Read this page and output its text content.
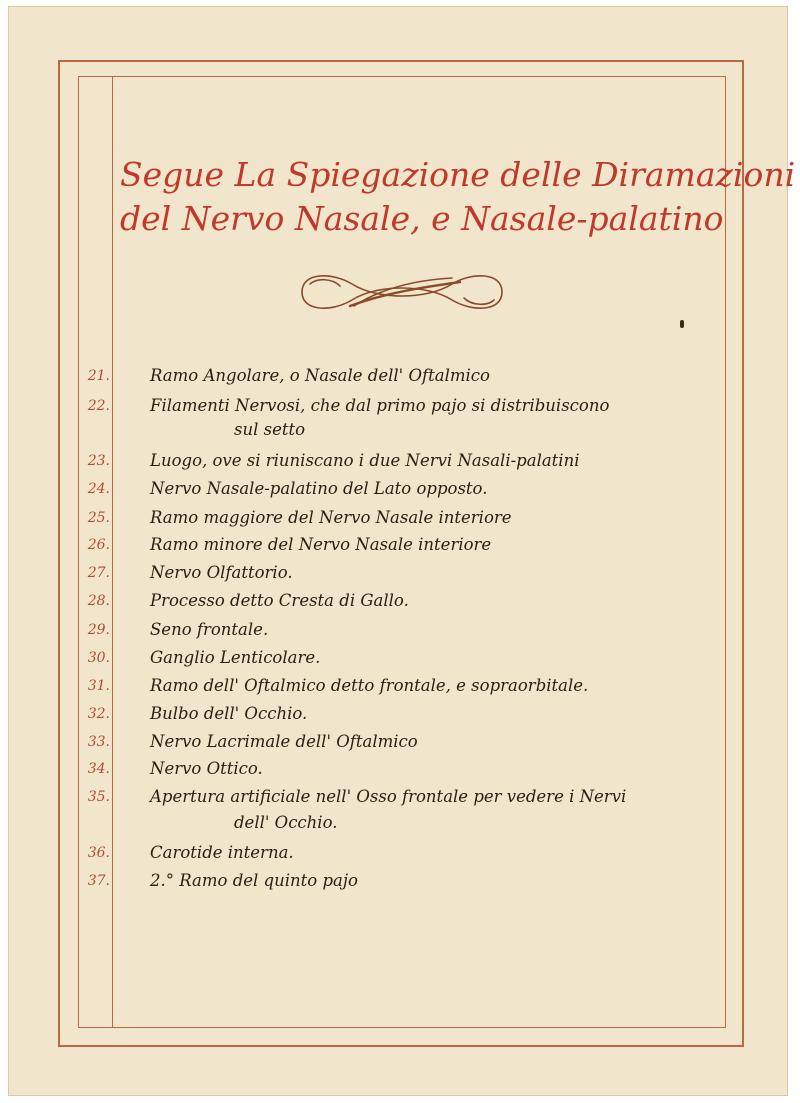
Segue La Spiegazione delle Diramazioni
del Nervo Nasale, e Nasale-palatino
21. Ramo Angolare, o Nasale dell' Oftalmico
22. Filamenti Nervosi, che dal primo pajo si distribuiscono
sul setto
23. Luogo, ove si riuniscano i due Nervi Nasali-palatini
24. Nervo Nasale-palatino del Lato opposto.
25. Ramo maggiore del Nervo Nasale interiore
26. Ramo minore del Nervo Nasale interiore
27. Nervo Olfattorio.
28. Processo detto Cresta di Gallo.
29. Seno frontale.
30. Ganglio Lenticolare.
31. Ramo dell' Oftalmico detto frontale, e sopraorbitale.
32. Bulbo dell' Occhio.
33. Nervo Lacrimale dell' Oftalmico
34. Nervo Ottico.
35. Apertura artificiale nell' Osso frontale per vedere i Nervi
dell' Occhio.
36. Carotide interna.
37. 2.° Ramo del quinto pajo
